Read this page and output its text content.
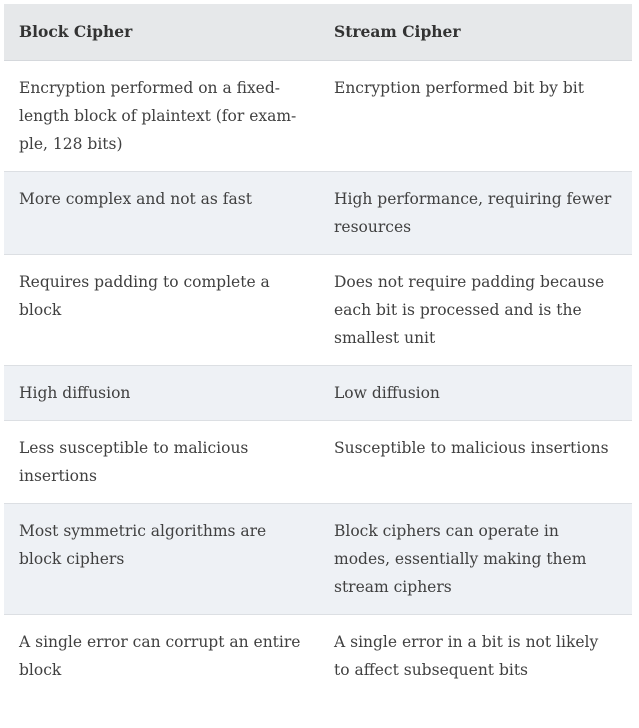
Block Cipher	Stream Cipher
Encryption performed on a fixed-length block of plaintext (for exam-ple, 128 bits)	Encryption performed bit by bit
More complex and not as fast	High performance, requiring fewer resources
Requires padding to complete a block	Does not require padding because each bit is processed and is the smallest unit
High diffusion	Low diffusion
Less susceptible to malicious insertions	Susceptible to malicious insertions
Most symmetric algorithms are block ciphers	Block ciphers can operate in modes, essentially making them stream ciphers
A single error can corrupt an entire block	A single error in a bit is not likely to affect subsequent bits
